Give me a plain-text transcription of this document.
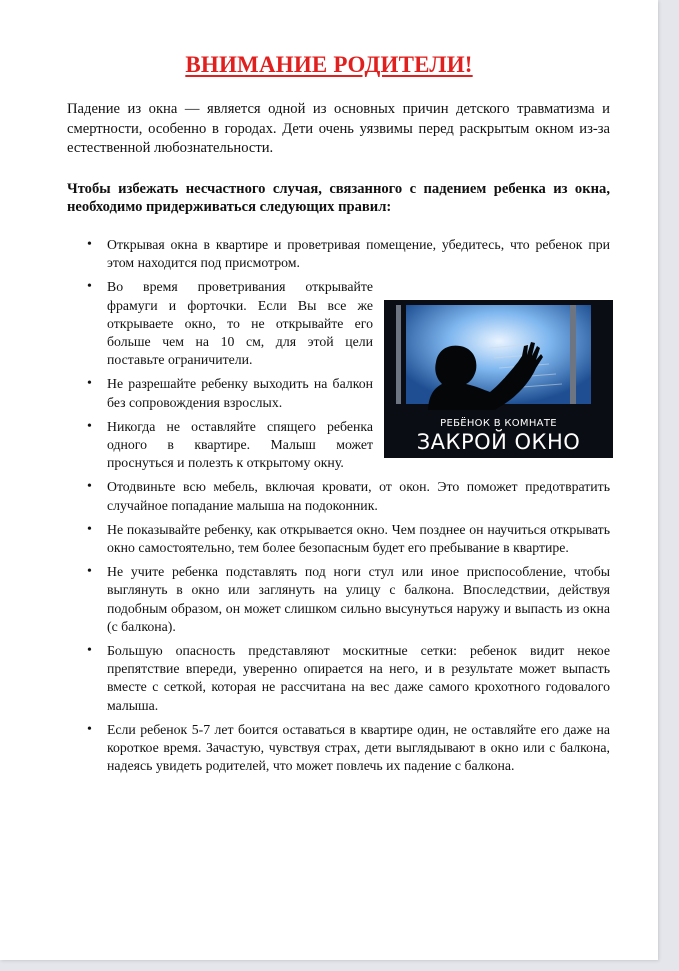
ВНИМАНИЕ РОДИТЕЛИ!

Падение из окна — является одной из основных причин детского травматизма и смертности, особенно в городах. Дети очень уязвимы перед раскрытым окном из-за естественной любознательности.

Чтобы избежать несчастного случая, связанного с падением ребенка из окна, необходимо придерживаться следующих правил:

• Открывая окна в квартире и проветривая помещение, убедитесь, что ребенок при этом находится под присмотром.
• Во время проветривания открывайте фрамуги и форточки. Если Вы все же открываете окно, то не открывайте его больше чем на 10 см, для этой цели поставьте ограничители.
• Не разрешайте ребенку выходить на балкон без сопровождения взрослых.
• Никогда не оставляйте спящего ребенка одного в квартире. Малыш может проснуться и полезть к открытому окну.
• Отодвиньте всю мебель, включая кровати, от окон. Это поможет предотвратить случайное попадание малыша на подоконник.
• Не показывайте ребенку, как открывается окно. Чем позднее он научиться открывать окно самостоятельно, тем более безопасным будет его пребывание в квартире.
• Не учите ребенка подставлять под ноги стул или иное приспособление, чтобы выглянуть в окно или заглянуть на улицу с балкона. Впоследствии, действуя подобным образом, он может слишком сильно высунуться наружу и выпасть из окна (с балкона).
• Большую опасность представляют москитные сетки: ребенок видит некое препятствие впереди, уверенно опирается на него, и в результате может выпасть вместе с сеткой, которая не рассчитана на вес даже самого крохотного годовалого малыша.
• Если ребенок 5-7 лет боится оставаться в квартире один, не оставляйте его даже на короткое время. Зачастую, чувствуя страх, дети выглядывают в окно или с балкона, надеясь увидеть родителей, что может повлечь их падение с балкона.
РЕБЁНОК В КОМНАТЕ
ЗАКРОЙ ОКНО
